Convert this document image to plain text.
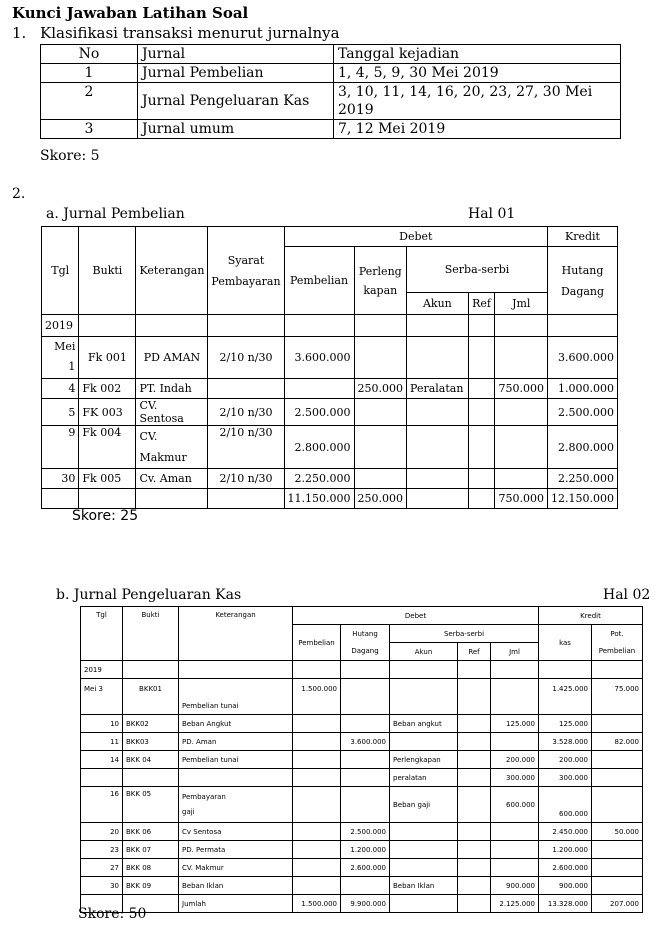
Kunci Jawaban Latihan Soal
1. Klasifikasi transaksi menurut jurnalnya
No	Jurnal	Tanggal kejadian
1	Jurnal Pembelian	1, 4, 5, 9, 30 Mei 2019
2	Jurnal Pengeluaran Kas	3, 10, 11, 14, 16, 20, 23, 27, 30 Mei 2019
3	Jurnal umum	7, 12 Mei 2019
Skore: 5
2.
a. Jurnal Pembelian	Hal 01
Tgl	Bukti	Keterangan	Syarat Pembayaran	Debet					Kredit
				Pembelian	Perleng kapan	Serba-serbi			Hutang Dagang
						Akun	Ref	Jml	
2019									
Mei 1	Fk 001	PD AMAN	2/10 n/30	3.600.000					3.600.000
4	Fk 002	PT. Indah			250.000	Peralatan		750.000	1.000.000
5	FK 003	CV. Sentosa	2/10 n/30	2.500.000					2.500.000
9	Fk 004	CV. Makmur	2/10 n/30	2.800.000					2.800.000
30	Fk 005	Cv. Aman	2/10 n/30	2.250.000					2.250.000
				11.150.000	250.000			750.000	12.150.000
Skore: 25
b. Jurnal Pengeluaran Kas	Hal 02
Tgl	Bukti	Keterangan	Debet					Kredit	
			Pembelian	Hutang Dagang	Serba-serbi			kas	Pot. Pembelian
					Akun	Ref	Jml		
2019									
Mei 3	BKK01	Pembelian tunai	1.500.000					1.425.000	75.000
10	BKK02	Beban Angkut			Beban angkut		125.000	125.000	
11	BKK03	PD. Aman		3.600.000				3.528.000	82.000
14	BKK 04	Pembelian tunai			Perlengkapan		200.000	200.000	
					peralatan		300.000	300.000	
16	BKK 05	Pembayaran gaji			Beban gaji		600.000	600.000	
20	BKK 06	Cv Sentosa		2.500.000				2.450.000	50.000
23	BKK 07	PD. Permata		1.200.000				1.200.000	
27	BKK 08	CV. Makmur		2.600.000				2.600.000	
30	BKK 09	Beban Iklan			Beban Iklan		900.000	900.000	
		Jumlah	1.500.000	9.900.000			2.125.000	13.328.000	207.000
Skore: 50
